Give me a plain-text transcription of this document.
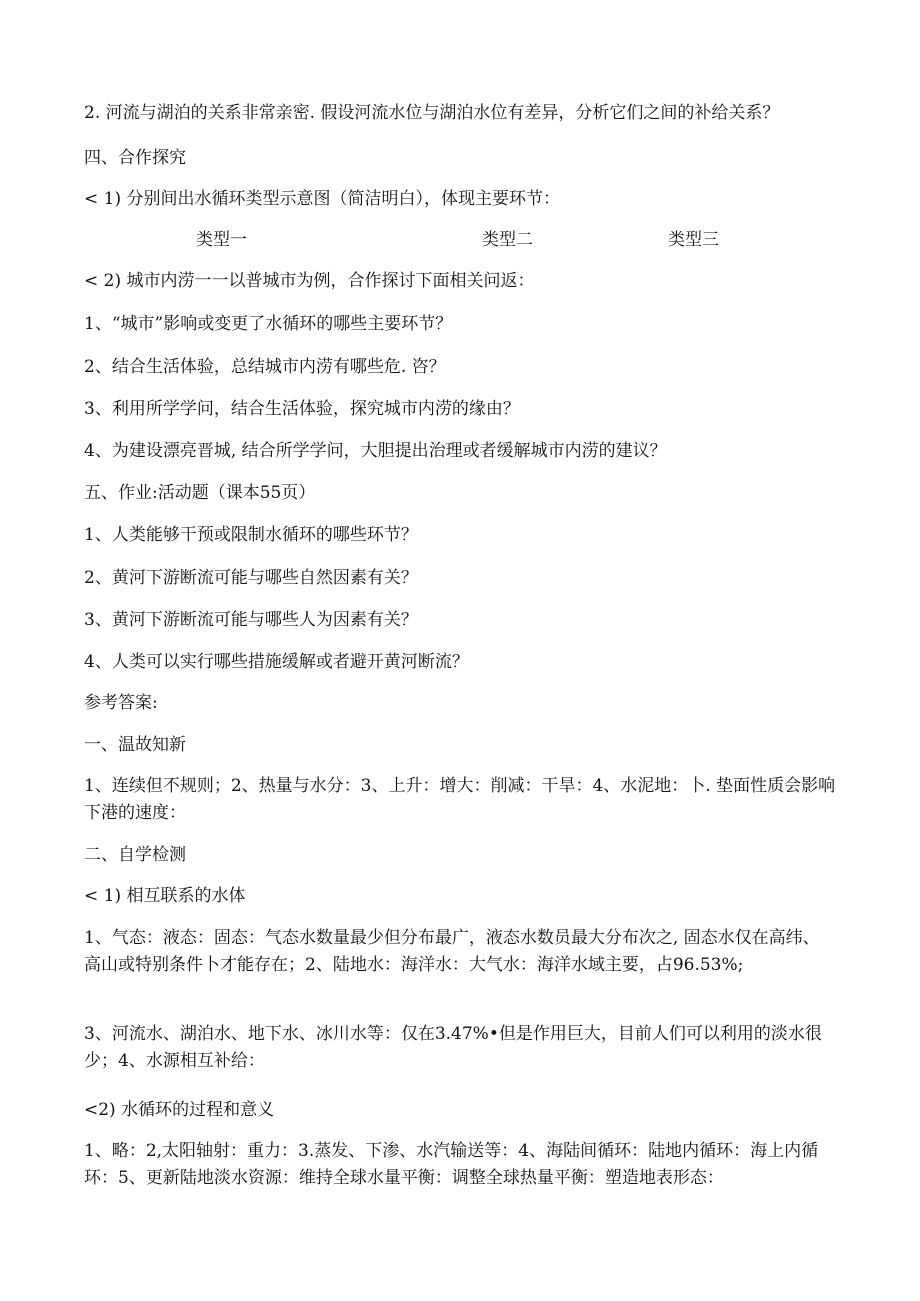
2. 河流与湖泊的关系非常亲密. 假设河流水位与湖泊水位有差异，分析它们之间的补给关系？
四、合作探究
< 1) 分别间出水循环类型示意图（简洁明白），体现主要环节：
类型一	类型二	类型三
< 2) 城市内涝一一以普城市为例，合作探讨下面相关问返：
1、“城市”影响或变更了水循环的哪些主要环节？
2、结合生活体验，总结城市内涝有哪些危. 咨？
3、利用所学学问，结合生活体验，探究城市内涝的缘由？
4、为建设漂亮晋城, 结合所学学问，大胆提出治理或者缓解城市内涝的建议？
五、作业:活动题（课本55页）
1、人类能够干预或限制水循环的哪些环节？
2、黄河下游断流可能与哪些自然因素有关？
3、黄河下游断流可能与哪些人为因素有关？
4、人类可以实行哪些措施缓解或者避开黄河断流？
参考答案:
一、温故知新
1、连续但不规则；2、热量与水分：3、上升：增大：削减：干旱：4、水泥地：卜. 垫面性质会影响下港的速度：
二、自学检测
< 1) 相互联系的水体
1、气态：液态：固态：气态水数量最少但分布最广，液态水数员最大分布次之, 固态水仅在高纬、高山或特别条件卜才能存在；2、陆地水：海洋水：大气水：海洋水域主要，占96.53%;
3、河流水、湖泊水、地下水、冰川水等：仅在3.47%•但是作用巨大，目前人们可以利用的淡水很少；4、水源相互补给：
<2) 水循环的过程和意义
1、略：2,太阳轴射：重力：3.蒸发、下渗、水汽输送等：4、海陆间循环：陆地内循环：海上内循环：5、更新陆地淡水资源：维持全球水量平衡：调整全球热量平衡：塑造地表形态：
